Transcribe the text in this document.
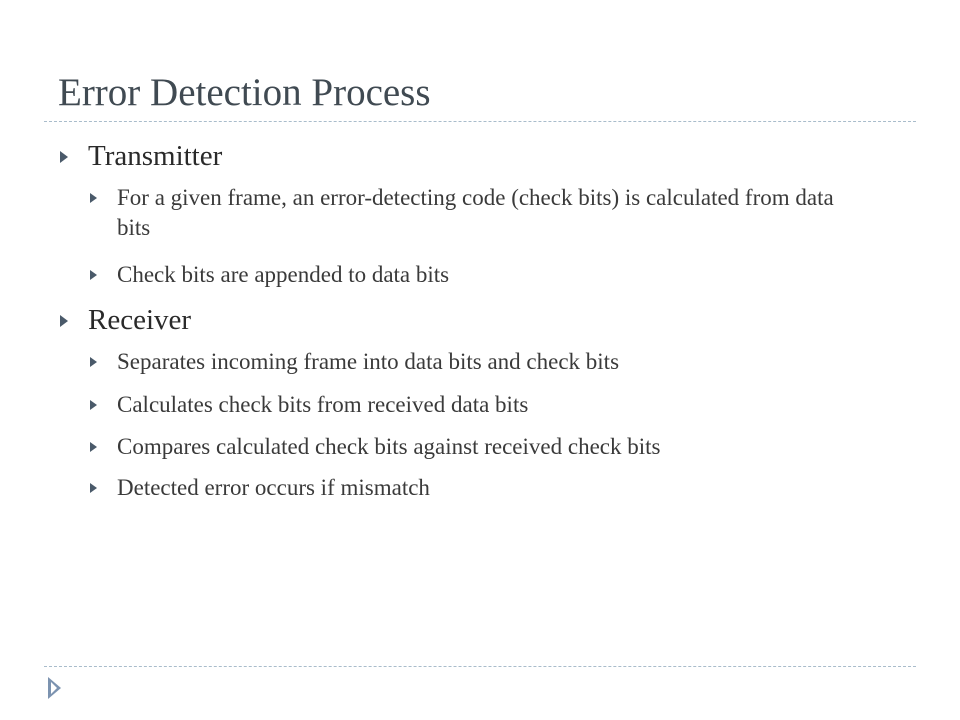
Error Detection Process
Transmitter
For a given frame, an error-detecting code (check bits) is calculated from data bits
Check bits are appended to data bits
Receiver
Separates incoming frame into data bits and check bits
Calculates check bits from received data bits
Compares calculated check bits against received check bits
Detected error occurs if mismatch
